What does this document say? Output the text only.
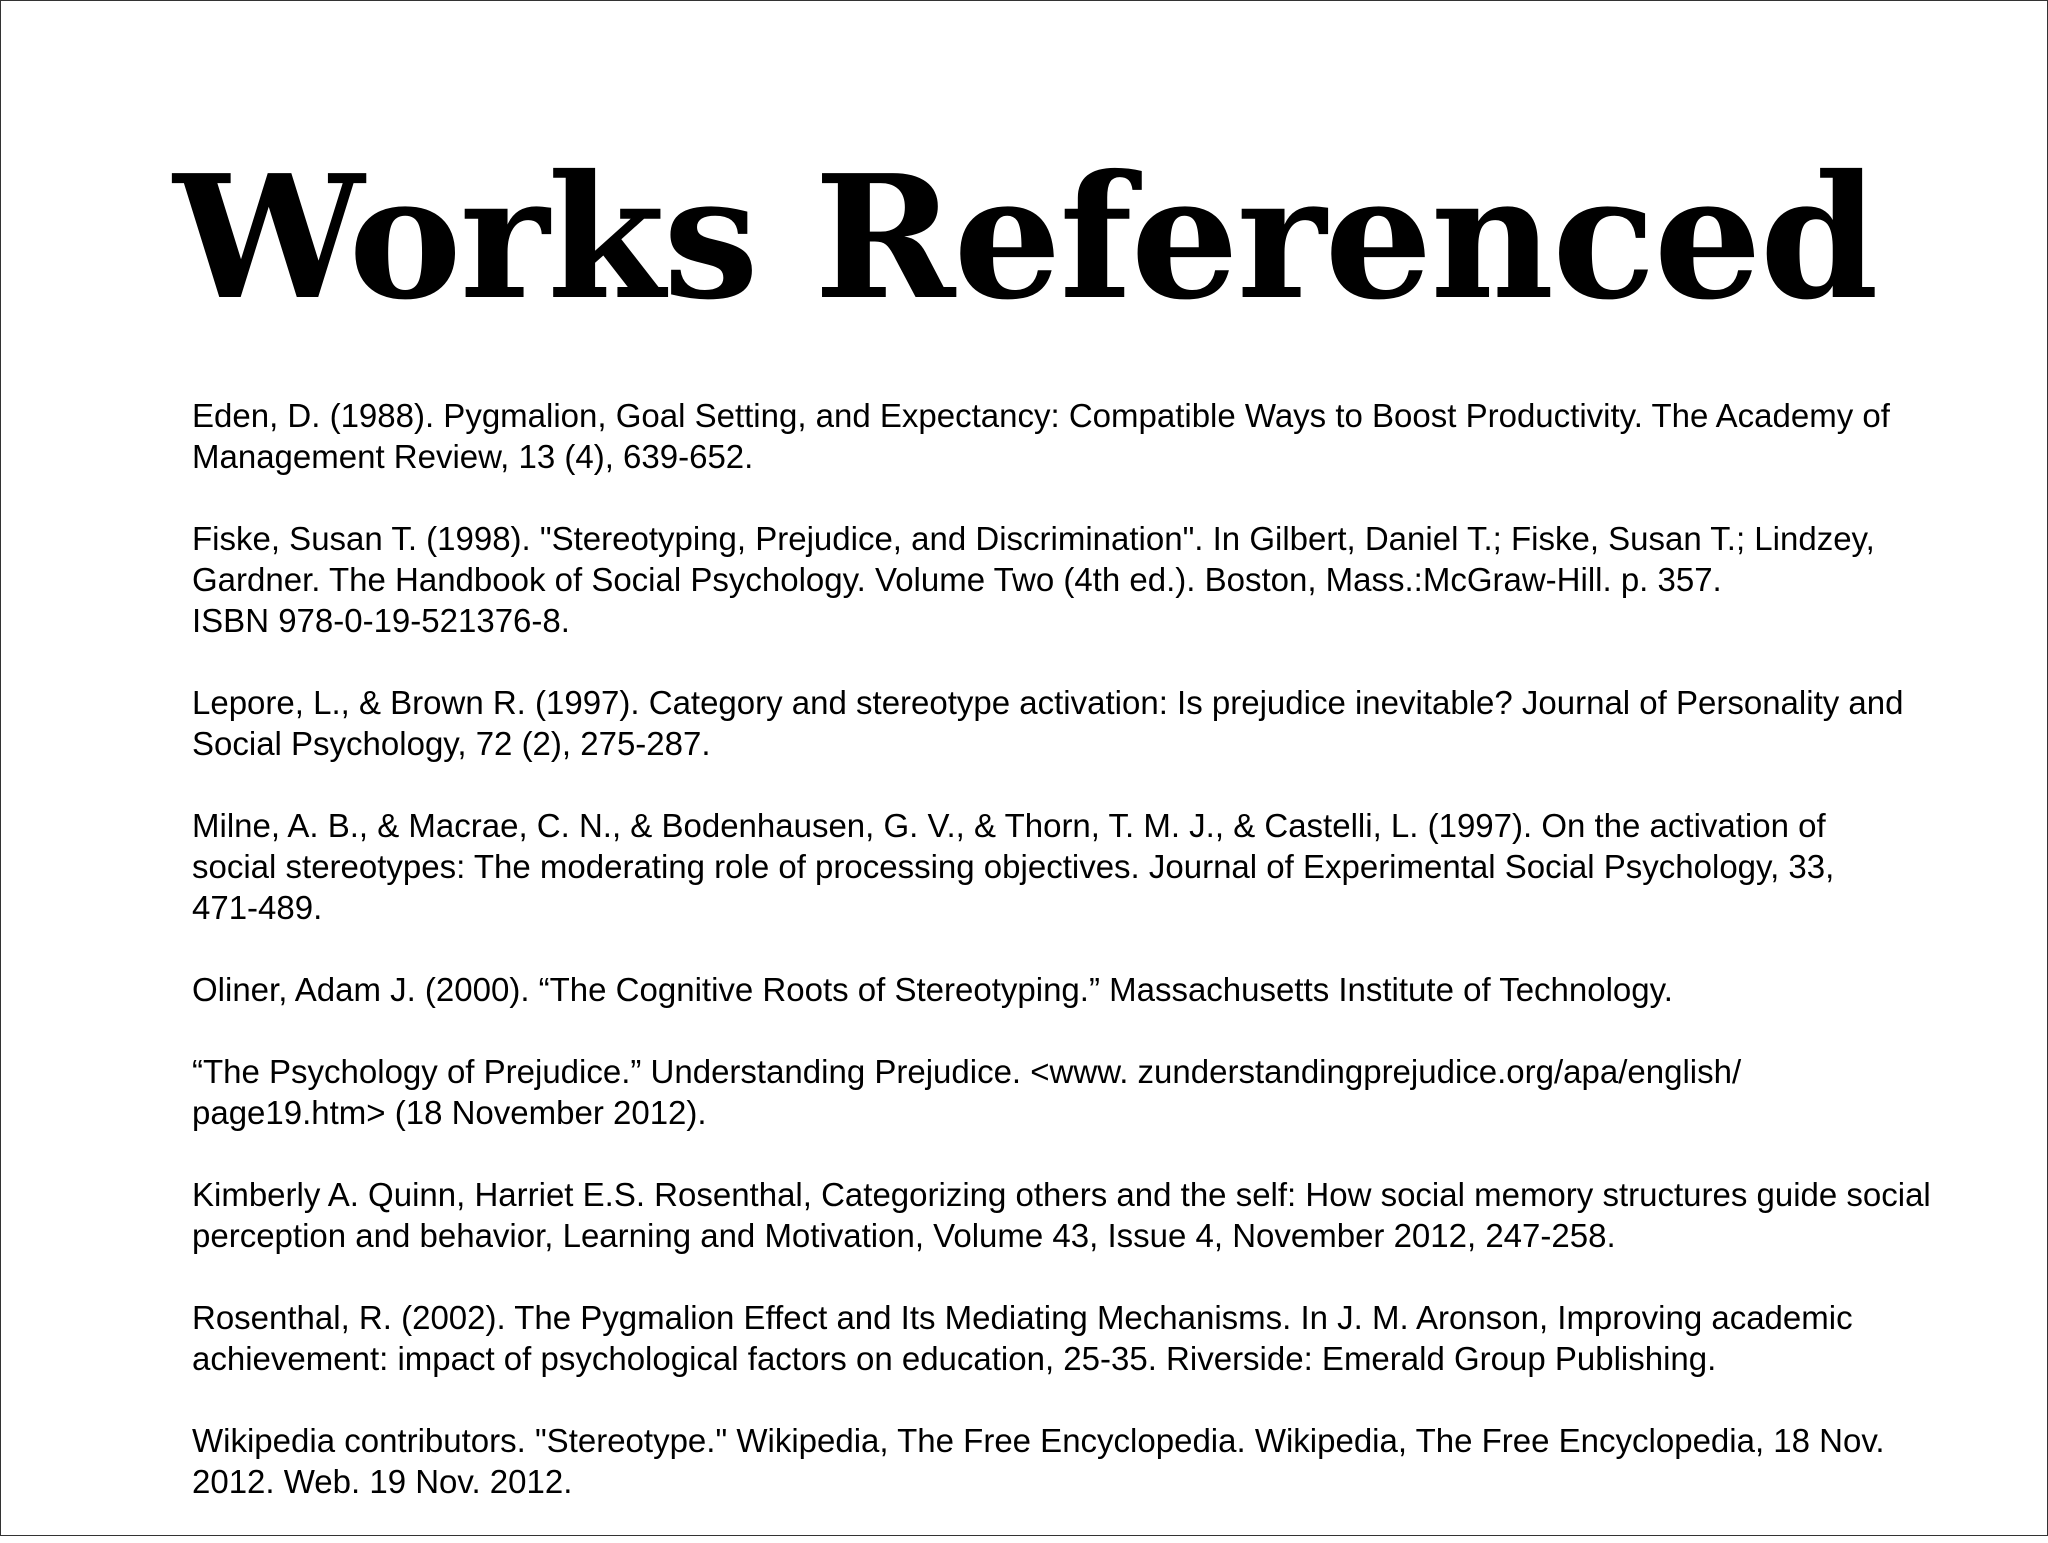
Works Referenced

Eden, D. (1988). Pygmalion, Goal Setting, and Expectancy: Compatible Ways to Boost Productivity. The Academy of
Management Review, 13 (4), 639-652.

Fiske, Susan T. (1998). "Stereotyping, Prejudice, and Discrimination". In Gilbert, Daniel T.; Fiske, Susan T.; Lindzey,
Gardner. The Handbook of Social Psychology. Volume Two (4th ed.). Boston, Mass.:McGraw-Hill. p. 357.
ISBN 978-0-19-521376-8.

Lepore, L., & Brown R. (1997). Category and stereotype activation: Is prejudice inevitable? Journal of Personality and
Social Psychology, 72 (2), 275-287.

Milne, A. B., & Macrae, C. N., & Bodenhausen, G. V., & Thorn, T. M. J., & Castelli, L. (1997). On the activation of
social stereotypes: The moderating role of processing objectives. Journal of Experimental Social Psychology, 33,
471-489.

Oliner, Adam J. (2000). “The Cognitive Roots of Stereotyping.” Massachusetts Institute of Technology.

“The Psychology of Prejudice.” Understanding Prejudice. <www. zunderstandingprejudice.org/apa/english/
page19.htm> (18 November 2012).

Kimberly A. Quinn, Harriet E.S. Rosenthal, Categorizing others and the self: How social memory structures guide social
perception and behavior, Learning and Motivation, Volume 43, Issue 4, November 2012, 247-258.

Rosenthal, R. (2002). The Pygmalion Effect and Its Mediating Mechanisms. In J. M. Aronson, Improving academic
achievement: impact of psychological factors on education, 25-35. Riverside: Emerald Group Publishing.

Wikipedia contributors. "Stereotype." Wikipedia, The Free Encyclopedia. Wikipedia, The Free Encyclopedia, 18 Nov.
2012. Web. 19 Nov. 2012.
